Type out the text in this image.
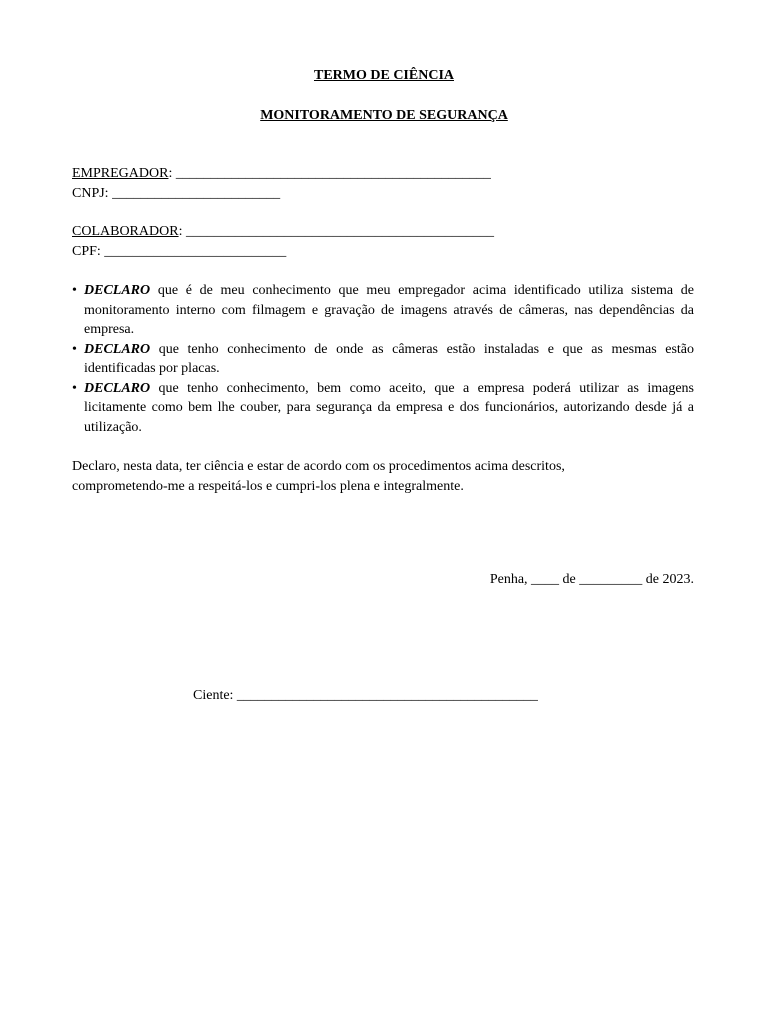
TERMO DE CIÊNCIA
MONITORAMENTO DE SEGURANÇA
EMPREGADOR: _____________________________________________
CNPJ: ________________________
COLABORADOR: ____________________________________________
CPF: __________________________
• DECLARO que é de meu conhecimento que meu empregador acima identificado utiliza sistema de monitoramento interno com filmagem e gravação de imagens através de câmeras, nas dependências da empresa.
• DECLARO que tenho conhecimento de onde as câmeras estão instaladas e que as mesmas estão identificadas por placas.
• DECLARO que tenho conhecimento, bem como aceito, que a empresa poderá utilizar as imagens licitamente como bem lhe couber, para segurança da empresa e dos funcionários, autorizando desde já a utilização.
Declaro, nesta data, ter ciência e estar de acordo com os procedimentos acima descritos,
comprometendo-me a respeitá-los e cumpri-los plena e integralmente.
Penha, ____ de _________ de 2023.
Ciente: ___________________________________________
